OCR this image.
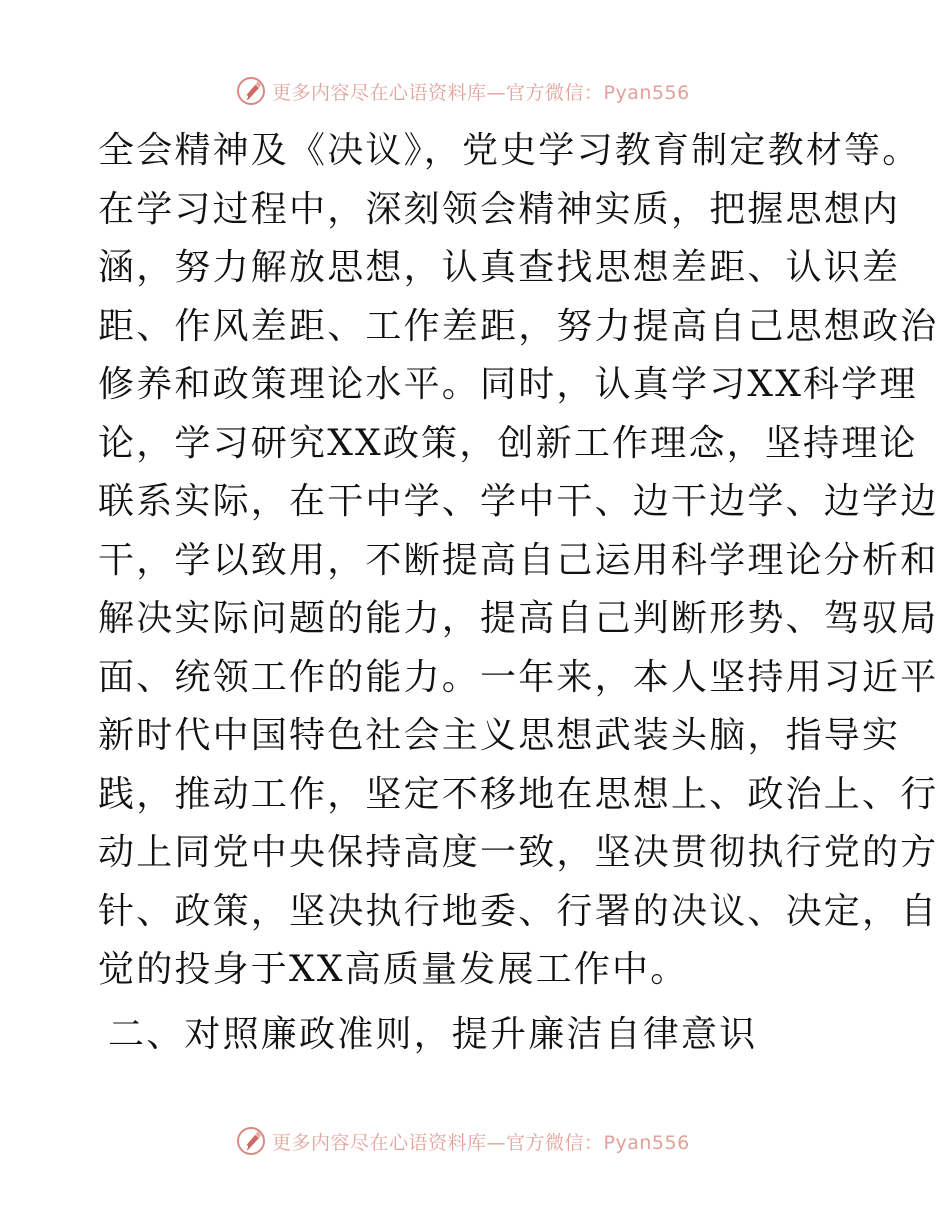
更多内容尽在心语资料库—官方微信：Pyan556
全会精神及《决议》，党史学习教育制定教材等。
在学习过程中，深刻领会精神实质，把握思想内
涵，努力解放思想，认真查找思想差距、认识差
距、作风差距、工作差距，努力提高自己思想政治
修养和政策理论水平。同时，认真学习XX科学理
论，学习研究XX政策，创新工作理念，坚持理论
联系实际，在干中学、学中干、边干边学、边学边
干，学以致用，不断提高自己运用科学理论分析和
解决实际问题的能力，提高自己判断形势、驾驭局
面、统领工作的能力。一年来，本人坚持用习近平
新时代中国特色社会主义思想武装头脑，指导实
践，推动工作，坚定不移地在思想上、政治上、行
动上同党中央保持高度一致，坚决贯彻执行党的方
针、政策，坚决执行地委、行署的决议、决定，自
觉的投身于XX高质量发展工作中。
二、对照廉政准则，提升廉洁自律意识
更多内容尽在心语资料库—官方微信：Pyan556
